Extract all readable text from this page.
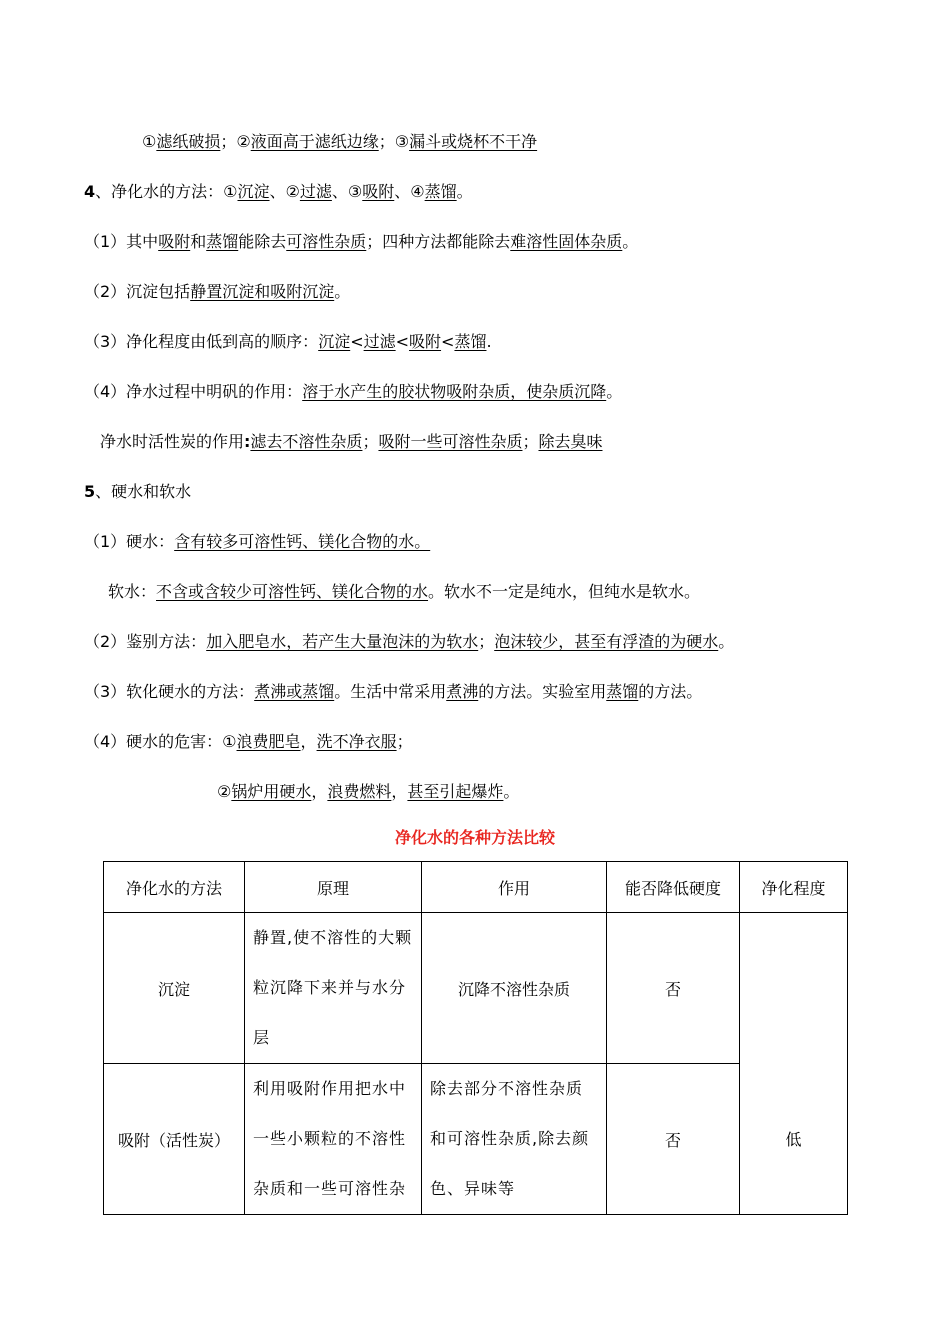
①滤纸破损；②液面高于滤纸边缘；③漏斗或烧杯不干净
4、净化水的方法：①沉淀、②过滤、③吸附、④蒸馏。
（1）其中吸附和蒸馏能除去可溶性杂质；四种方法都能除去难溶性固体杂质。
（2）沉淀包括静置沉淀和吸附沉淀。
（3）净化程度由低到高的顺序：沉淀<过滤<吸附<蒸馏.
（4）净水过程中明矾的作用：溶于水产生的胶状物吸附杂质，使杂质沉降。
净水时活性炭的作用:滤去不溶性杂质；吸附一些可溶性杂质；除去臭味
5、硬水和软水
（1）硬水：含有较多可溶性钙、镁化合物的水。
软水：不含或含较少可溶性钙、镁化合物的水。软水不一定是纯水，但纯水是软水。
（2）鉴别方法：加入肥皂水，若产生大量泡沫的为软水；泡沫较少，甚至有浮渣的为硬水。
（3）软化硬水的方法：煮沸或蒸馏。生活中常采用煮沸的方法。实验室用蒸馏的方法。
（4）硬水的危害：①浪费肥皂，洗不净衣服；
②锅炉用硬水，浪费燃料，甚至引起爆炸。
净化水的各种方法比较
净化水的方法	原理	作用	能否降低硬度	净化程度
沉淀	静置,使不溶性的大颗粒沉降下来并与水分层	沉降不溶性杂质	否	
吸附（活性炭）	利用吸附作用把水中一些小颗粒的不溶性杂质和一些可溶性杂	除去部分不溶性杂质和可溶性杂质,除去颜色、异味等	否	低
